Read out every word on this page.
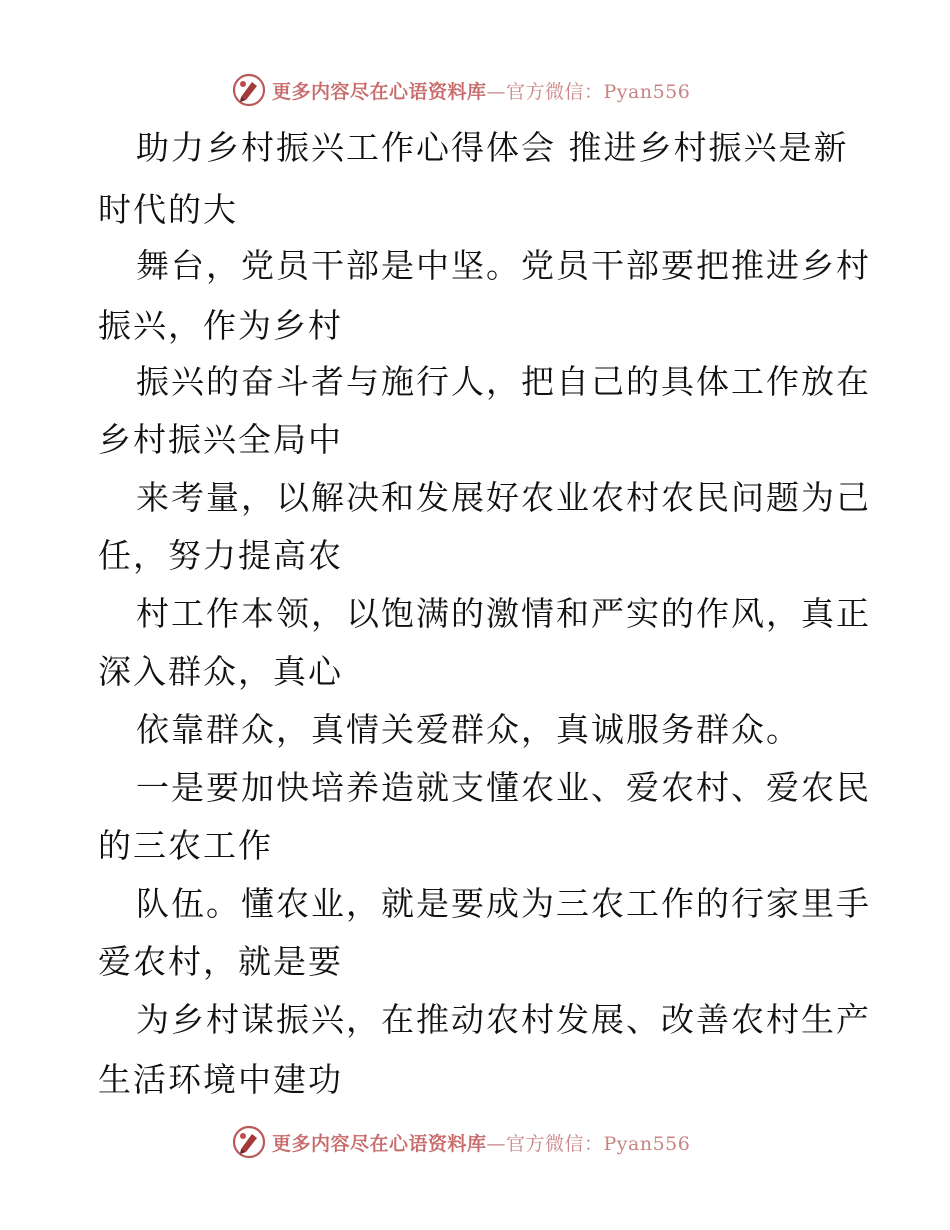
更多内容尽在心语资料库—官方微信：Pyan556
助力乡村振兴工作心得体会 推进乡村振兴是新
时代的大
舞台，党员干部是中坚。党员干部要把推进乡村
振兴，作为乡村
振兴的奋斗者与施行人，把自己的具体工作放在
乡村振兴全局中
来考量，以解决和发展好农业农村农民问题为己
任，努力提高农
村工作本领，以饱满的激情和严实的作风，真正
深入群众，真心
依靠群众，真情关爱群众，真诚服务群众。
一是要加快培养造就支懂农业、爱农村、爱农民
的三农工作
队伍。懂农业，就是要成为三农工作的行家里手
爱农村，就是要
为乡村谋振兴，在推动农村发展、改善农村生产
生活环境中建功
更多内容尽在心语资料库—官方微信：Pyan556
